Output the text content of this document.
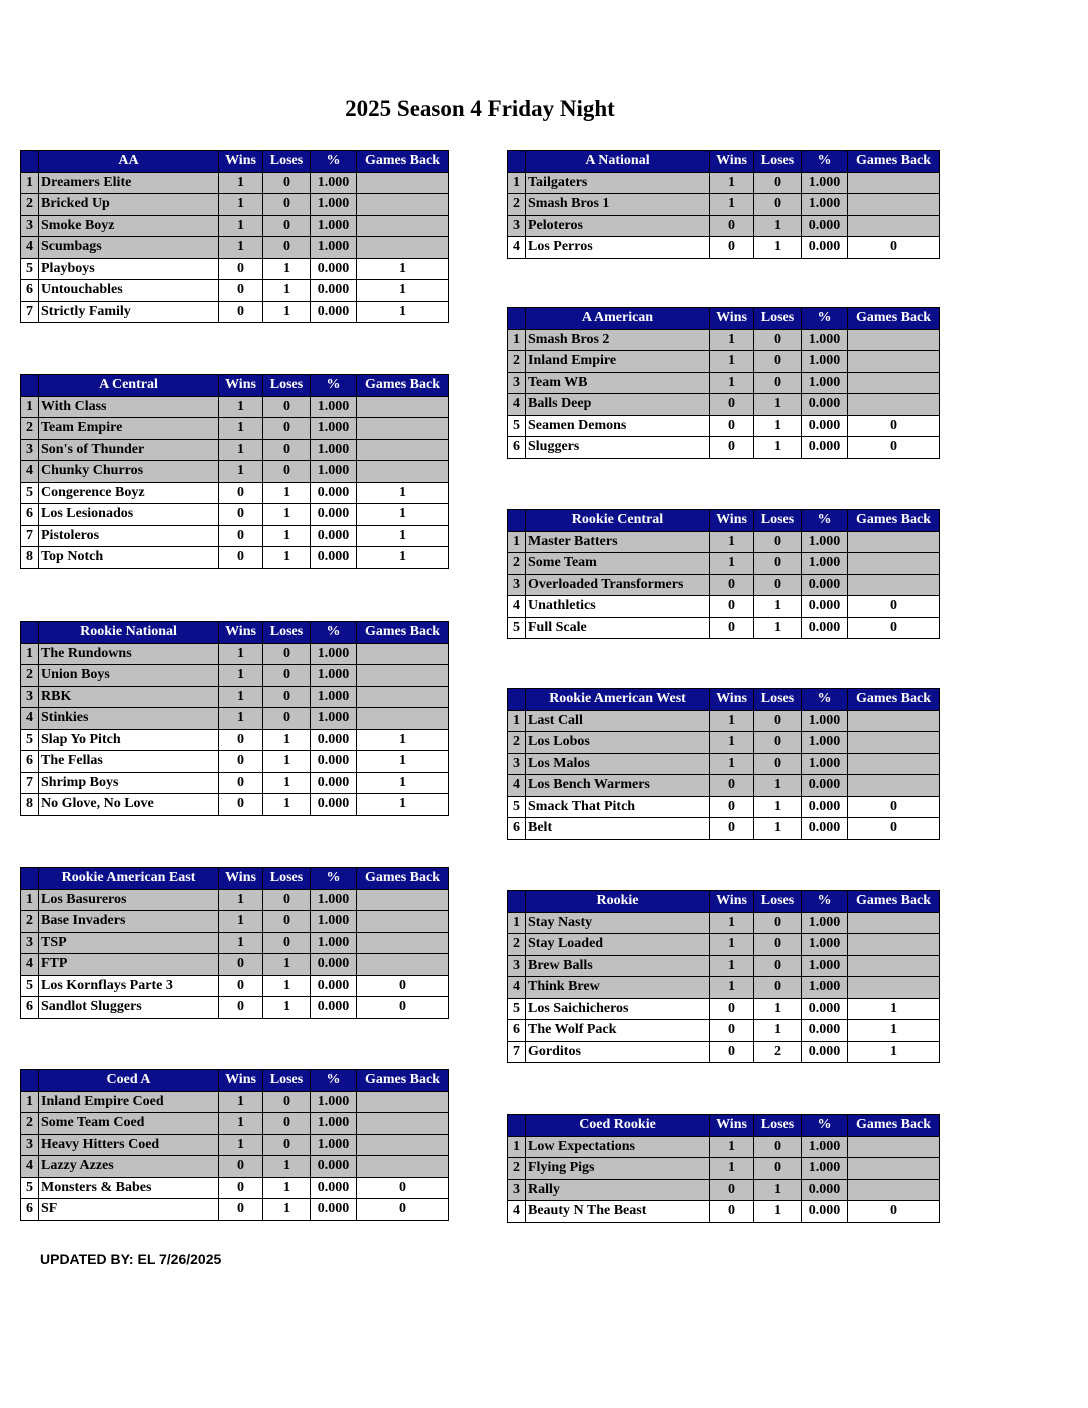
2025 Season 4 Friday Night
	AA	Wins	Loses	%	Games Back
1	Dreamers Elite	1	0	1.000	
2	Bricked Up	1	0	1.000	
3	Smoke Boyz	1	0	1.000	
4	Scumbags	1	0	1.000	
5	Playboys	0	1	0.000	1
6	Untouchables	0	1	0.000	1
7	Strictly Family	0	1	0.000	1
	A Central	Wins	Loses	%	Games Back
1	With Class	1	0	1.000	
2	Team Empire	1	0	1.000	
3	Son's of Thunder	1	0	1.000	
4	Chunky Churros	1	0	1.000	
5	Congerence Boyz	0	1	0.000	1
6	Los Lesionados	0	1	0.000	1
7	Pistoleros	0	1	0.000	1
8	Top Notch	0	1	0.000	1
	Rookie National	Wins	Loses	%	Games Back
1	The Rundowns	1	0	1.000	
2	Union Boys	1	0	1.000	
3	RBK	1	0	1.000	
4	Stinkies	1	0	1.000	
5	Slap Yo Pitch	0	1	0.000	1
6	The Fellas	0	1	0.000	1
7	Shrimp Boys	0	1	0.000	1
8	No Glove, No Love	0	1	0.000	1
	Rookie American East	Wins	Loses	%	Games Back
1	Los Basureros	1	0	1.000	
2	Base Invaders	1	0	1.000	
3	TSP	1	0	1.000	
4	FTP	0	1	0.000	
5	Los Kornflays Parte 3	0	1	0.000	0
6	Sandlot Sluggers	0	1	0.000	0
	Coed A	Wins	Loses	%	Games Back
1	Inland Empire Coed	1	0	1.000	
2	Some Team Coed	1	0	1.000	
3	Heavy Hitters Coed	1	0	1.000	
4	Lazzy Azzes	0	1	0.000	
5	Monsters & Babes	0	1	0.000	0
6	SF	0	1	0.000	0
	A National	Wins	Loses	%	Games Back
1	Tailgaters	1	0	1.000	
2	Smash Bros 1	1	0	1.000	
3	Peloteros	0	1	0.000	
4	Los Perros	0	1	0.000	0
	A American	Wins	Loses	%	Games Back
1	Smash Bros 2	1	0	1.000	
2	Inland Empire	1	0	1.000	
3	Team WB	1	0	1.000	
4	Balls Deep	0	1	0.000	
5	Seamen Demons	0	1	0.000	0
6	Sluggers	0	1	0.000	0
	Rookie Central	Wins	Loses	%	Games Back
1	Master Batters	1	0	1.000	
2	Some Team	1	0	1.000	
3	Overloaded Transformers	0	0	0.000	
4	Unathletics	0	1	0.000	0
5	Full Scale	0	1	0.000	0
	Rookie American West	Wins	Loses	%	Games Back
1	Last Call	1	0	1.000	
2	Los Lobos	1	0	1.000	
3	Los Malos	1	0	1.000	
4	Los Bench Warmers	0	1	0.000	
5	Smack That Pitch	0	1	0.000	0
6	Belt	0	1	0.000	0
	Rookie	Wins	Loses	%	Games Back
1	Stay Nasty	1	0	1.000	
2	Stay Loaded	1	0	1.000	
3	Brew Balls	1	0	1.000	
4	Think Brew	1	0	1.000	
5	Los Saichicheros	0	1	0.000	1
6	The Wolf Pack	0	1	0.000	1
7	Gorditos	0	2	0.000	1
	Coed Rookie	Wins	Loses	%	Games Back
1	Low Expectations	1	0	1.000	
2	Flying Pigs	1	0	1.000	
3	Rally	0	1	0.000	
4	Beauty N The Beast	0	1	0.000	0
UPDATED BY: EL 7/26/2025
